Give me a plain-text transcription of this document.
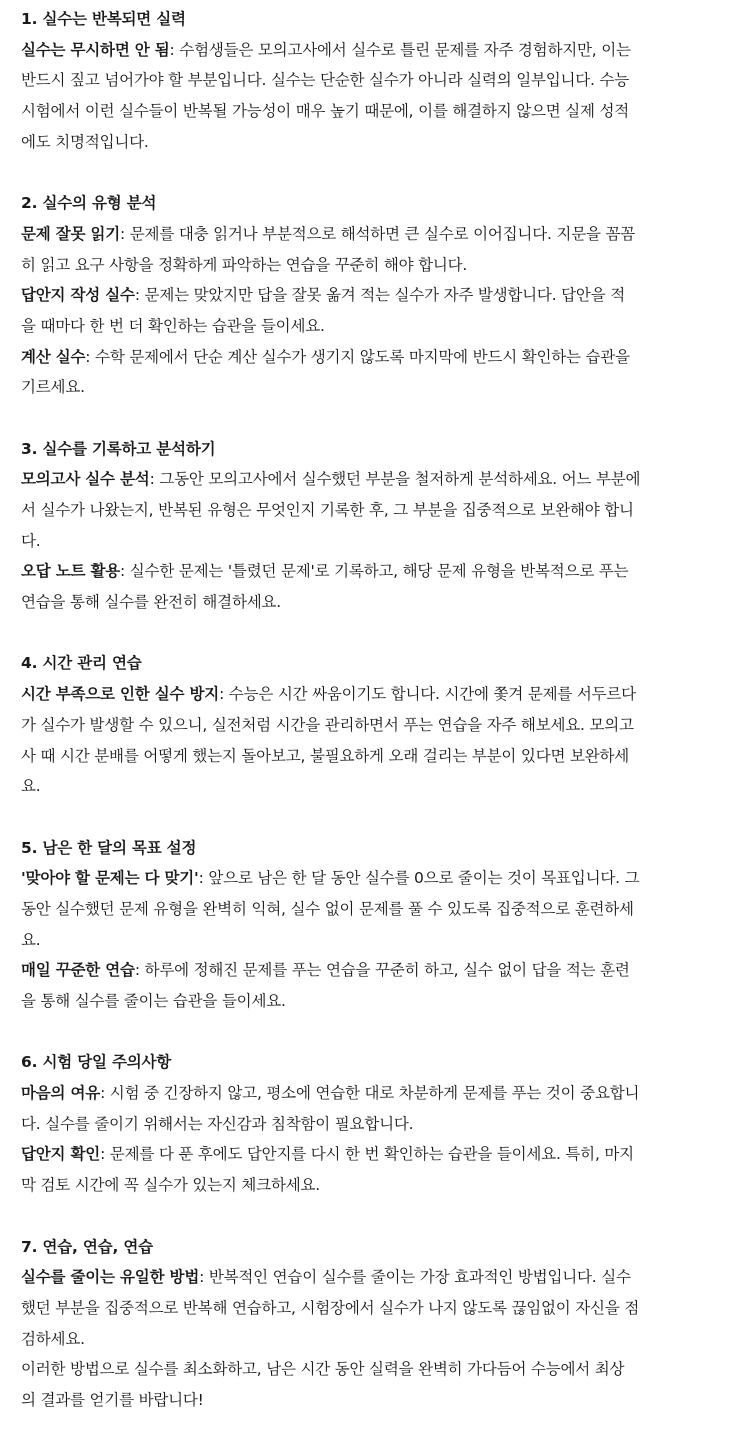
1. 실수는 반복되면 실력
실수는 무시하면 안 됨: 수험생들은 모의고사에서 실수로 틀린 문제를 자주 경험하지만, 이는
반드시 짚고 넘어가야 할 부분입니다. 실수는 단순한 실수가 아니라 실력의 일부입니다. 수능
시험에서 이런 실수들이 반복될 가능성이 매우 높기 때문에, 이를 해결하지 않으면 실제 성적
에도 치명적입니다.
2. 실수의 유형 분석
문제 잘못 읽기: 문제를 대충 읽거나 부분적으로 해석하면 큰 실수로 이어집니다. 지문을 꼼꼼
히 읽고 요구 사항을 정확하게 파악하는 연습을 꾸준히 해야 합니다.
답안지 작성 실수: 문제는 맞았지만 답을 잘못 옮겨 적는 실수가 자주 발생합니다. 답안을 적
을 때마다 한 번 더 확인하는 습관을 들이세요.
계산 실수: 수학 문제에서 단순 계산 실수가 생기지 않도록 마지막에 반드시 확인하는 습관을
기르세요.
3. 실수를 기록하고 분석하기
모의고사 실수 분석: 그동안 모의고사에서 실수했던 부분을 철저하게 분석하세요. 어느 부분에
서 실수가 나왔는지, 반복된 유형은 무엇인지 기록한 후, 그 부분을 집중적으로 보완해야 합니
다.
오답 노트 활용: 실수한 문제는 '틀렸던 문제'로 기록하고, 해당 문제 유형을 반복적으로 푸는
연습을 통해 실수를 완전히 해결하세요.
4. 시간 관리 연습
시간 부족으로 인한 실수 방지: 수능은 시간 싸움이기도 합니다. 시간에 쫓겨 문제를 서두르다
가 실수가 발생할 수 있으니, 실전처럼 시간을 관리하면서 푸는 연습을 자주 해보세요. 모의고
사 때 시간 분배를 어떻게 했는지 돌아보고, 불필요하게 오래 걸리는 부분이 있다면 보완하세
요.
5. 남은 한 달의 목표 설정
'맞아야 할 문제는 다 맞기': 앞으로 남은 한 달 동안 실수를 0으로 줄이는 것이 목표입니다. 그
동안 실수했던 문제 유형을 완벽히 익혀, 실수 없이 문제를 풀 수 있도록 집중적으로 훈련하세
요.
매일 꾸준한 연습: 하루에 정해진 문제를 푸는 연습을 꾸준히 하고, 실수 없이 답을 적는 훈련
을 통해 실수를 줄이는 습관을 들이세요.
6. 시험 당일 주의사항
마음의 여유: 시험 중 긴장하지 않고, 평소에 연습한 대로 차분하게 문제를 푸는 것이 중요합니
다. 실수를 줄이기 위해서는 자신감과 침착함이 필요합니다.
답안지 확인: 문제를 다 푼 후에도 답안지를 다시 한 번 확인하는 습관을 들이세요. 특히, 마지
막 검토 시간에 꼭 실수가 있는지 체크하세요.
7. 연습, 연습, 연습
실수를 줄이는 유일한 방법: 반복적인 연습이 실수를 줄이는 가장 효과적인 방법입니다. 실수
했던 부분을 집중적으로 반복해 연습하고, 시험장에서 실수가 나지 않도록 끊임없이 자신을 점
검하세요.
이러한 방법으로 실수를 최소화하고, 남은 시간 동안 실력을 완벽히 가다듬어 수능에서 최상
의 결과를 얻기를 바랍니다!
